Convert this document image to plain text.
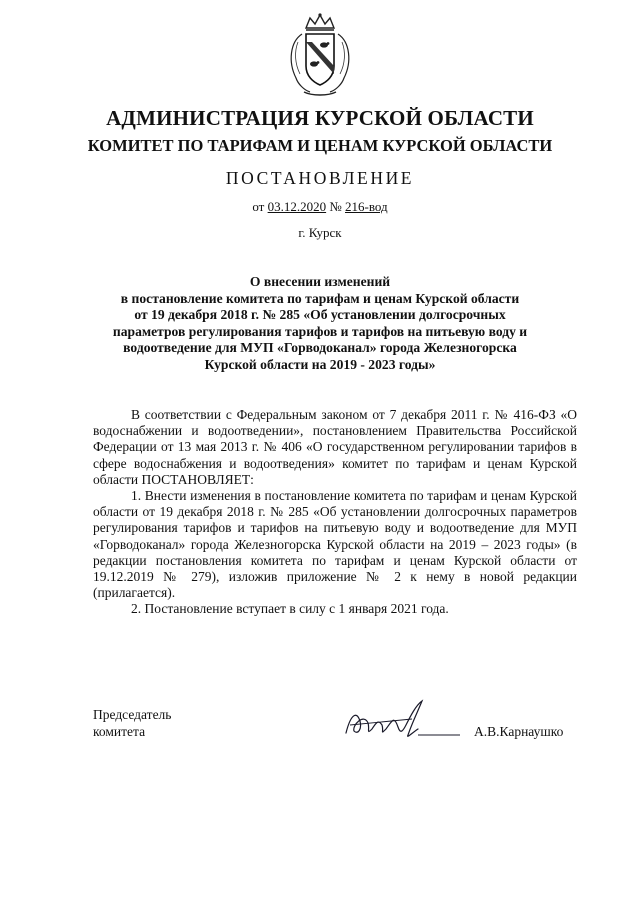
АДМИНИСТРАЦИЯ КУРСКОЙ ОБЛАСТИ
КОМИТЕТ ПО ТАРИФАМ И ЦЕНАМ КУРСКОЙ ОБЛАСТИ
ПОСТАНОВЛЕНИЕ
от 03.12.2020 № 216-вод
г. Курск
О внесении изменений
в постановление комитета по тарифам и ценам Курской области
от 19 декабря 2018 г. № 285 «Об установлении долгосрочных
параметров регулирования тарифов и тарифов на питьевую воду и
водоотведение для МУП «Горводоканал» города Железногорска
Курской области на 2019 - 2023 годы»

В соответствии с Федеральным законом от 7 декабря 2011 г. № 416-ФЗ «О водоснабжении и водоотведении», постановлением Правительства Российской Федерации от 13 мая 2013 г. № 406 «О государственном регулировании тарифов в сфере водоснабжения и водоотведения» комитет по тарифам и ценам Курской области ПОСТАНОВЛЯЕТ:

1. Внести изменения в постановление комитета по тарифам и ценам Курской области от 19 декабря 2018 г. № 285 «Об установлении долгосрочных параметров регулирования тарифов и тарифов на питьевую воду и водоотведение для МУП «Горводоканал» города Железногорска Курской области на 2019 – 2023 годы» (в редакции постановления комитета по тарифам и ценам Курской области от 19.12.2019 № 279), изложив приложение № 2 к нему в новой редакции (прилагается).

2. Постановление вступает в силу с 1 января 2021 года.

Председатель
комитета	А.В.Карнаушко
